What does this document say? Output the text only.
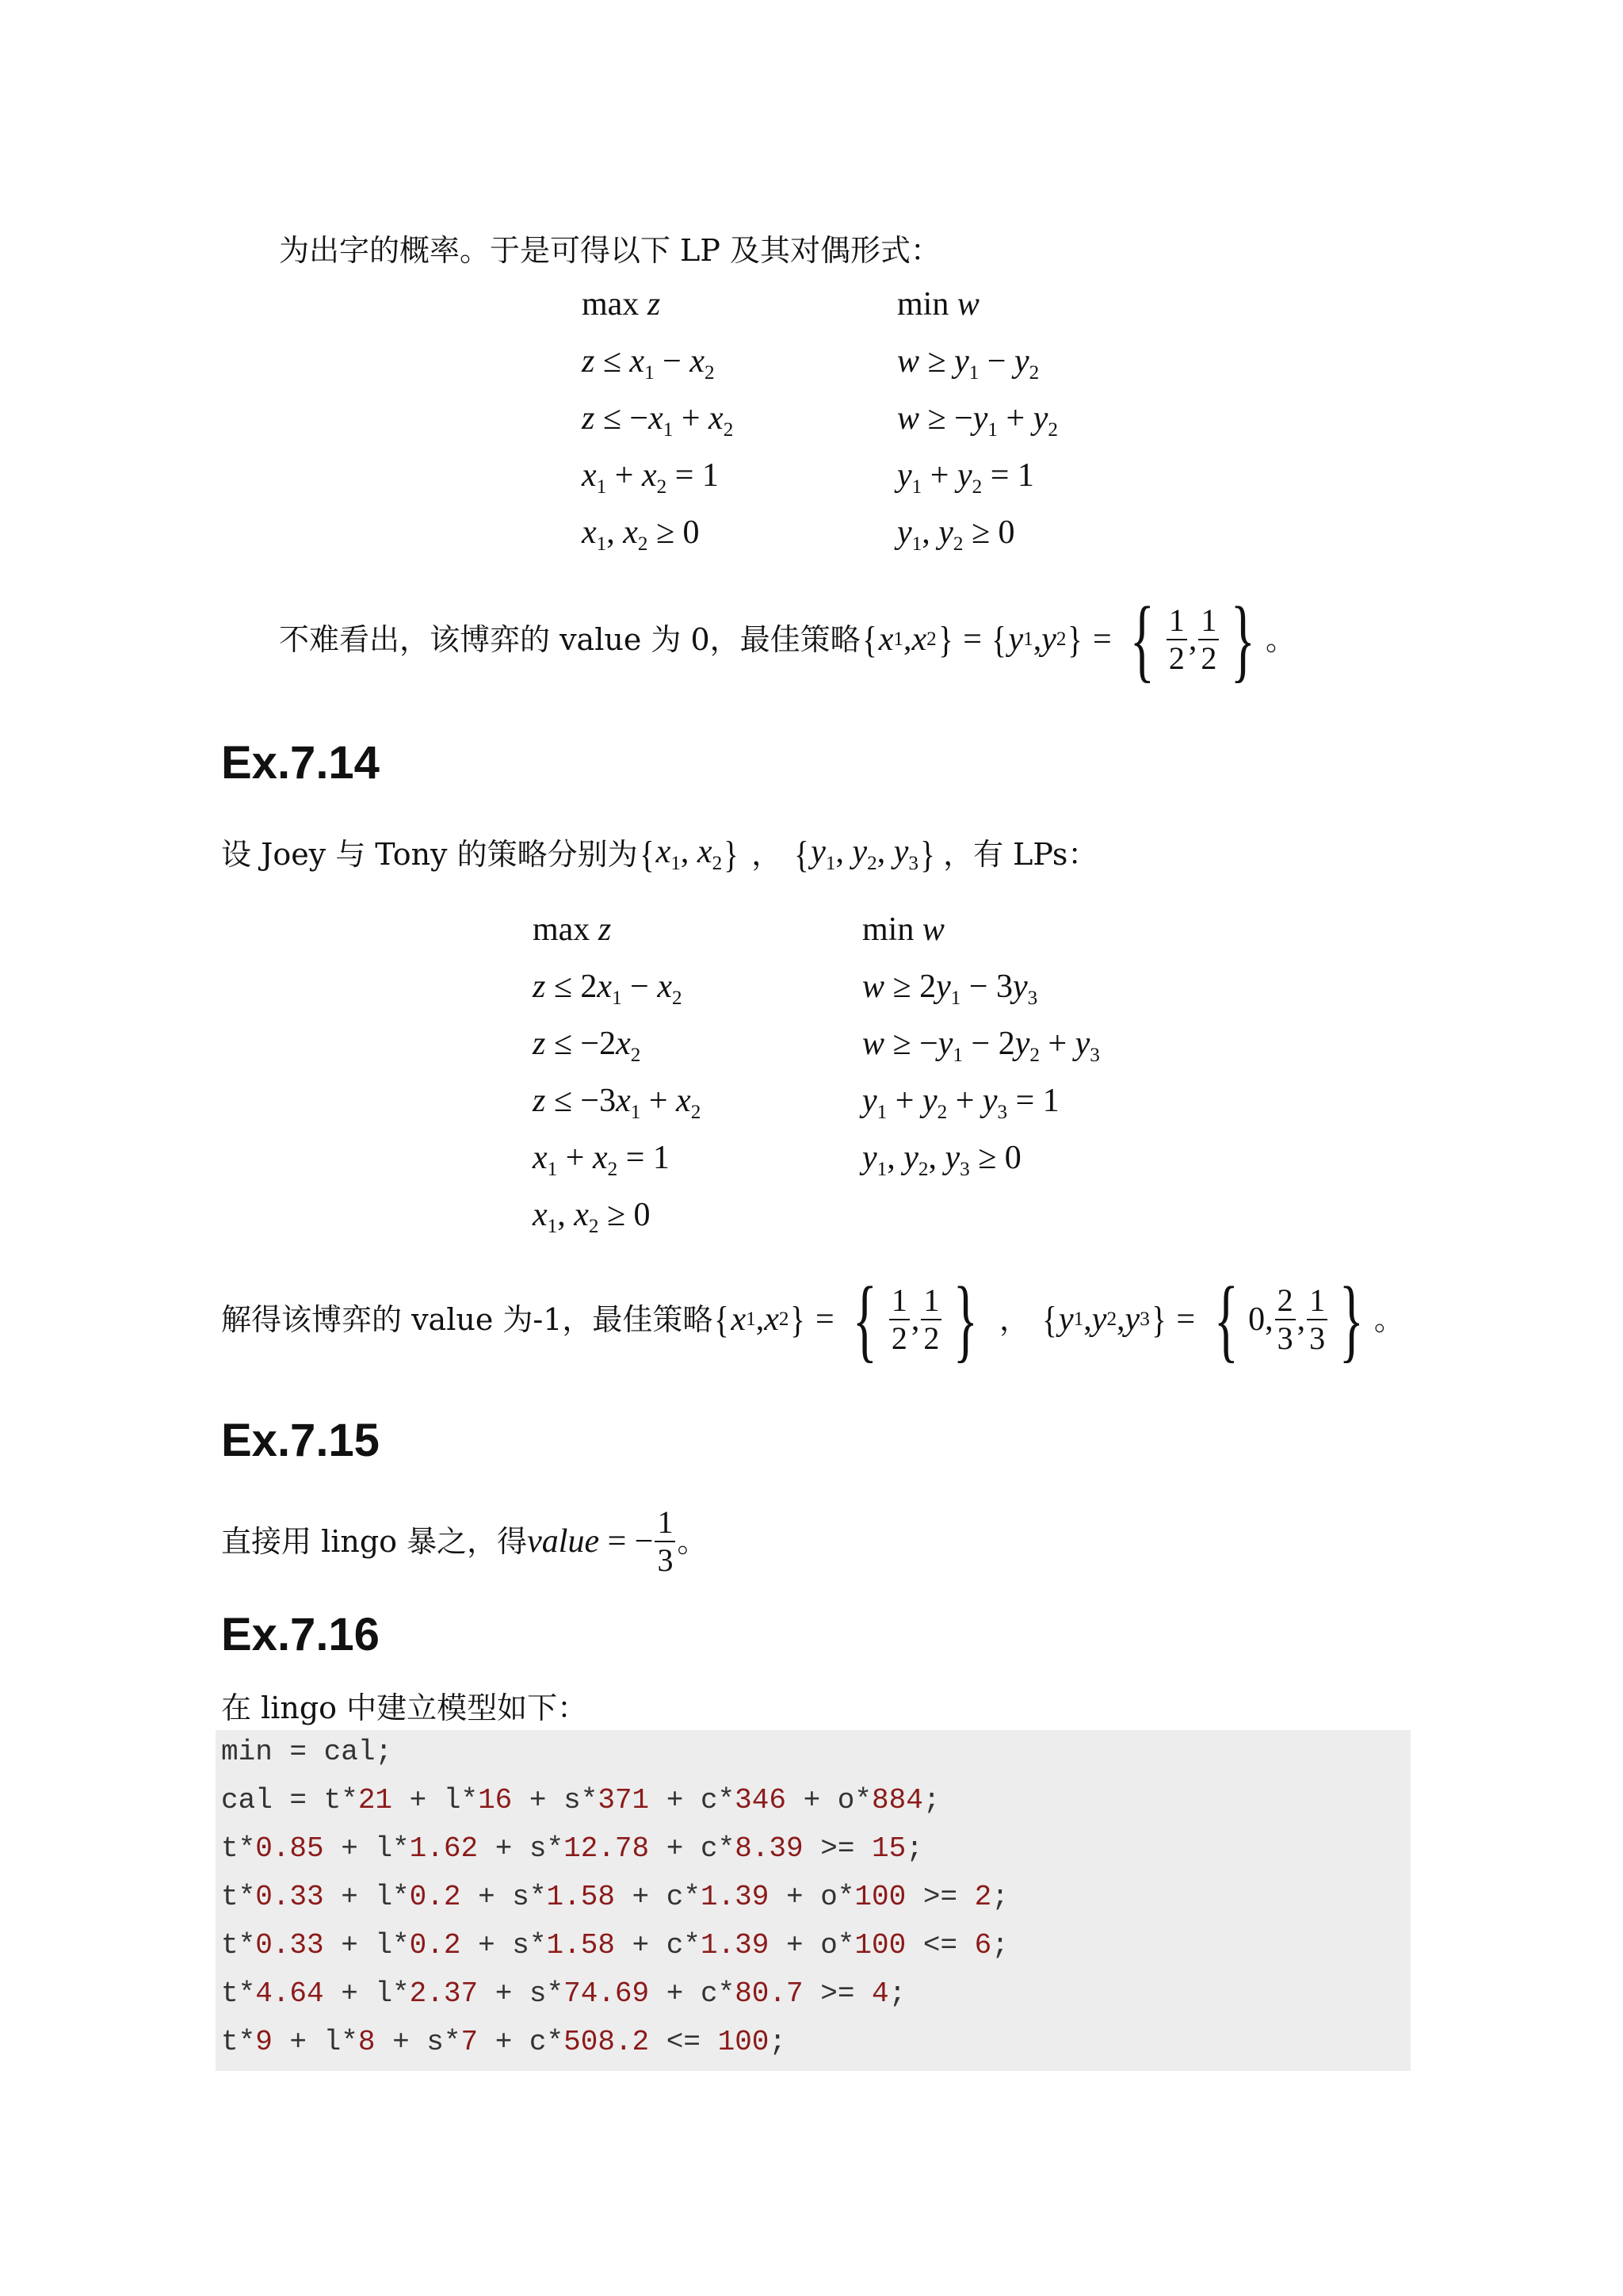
为出字的概率。于是可得以下 LP 及其对偶形式：
max z
$z \le x_1 - x_2$
$z \le -x_1 + x_2$
$x_1 + x_2 = 1$
$x_1$, $x_2 \ge 0$
min w
$w \ge y_1 - y_2$
$w \ge -y_1 + y_2$
$y_1 + y_2 = 1$
$y_1$, $y_2 \ge 0$
不难看出，该博弈的 value 为 0，最佳策略 { x 1 , x 2 } = { y 1 , y 2 } = { $\frac{1}{2}$ , $\frac{1}{2}$ } 。
Ex.7.14
设 Joey 与 Tony 的策略分别为 {$x_1$, $x_2$} ， {$y_1$, $y_2$, $y_3$} ，有 LPs：
max z
$z \le 2x_1 - x_2$
$z \le -2x_2$
$z \le -3x_1 + x_2$
$x_1 + x_2 = 1$
$x_1$, $x_2 \ge 0$
min w
$w \ge 2y_1 - 3y_3$
$w \ge -y_1 - 2y_2 + y_3$
$y_1 + y_2 + y_3 = 1$
$y_1$, $y_2$, $y_3 \ge 0$
解得该博弈的 value 为-1，最佳策略 { x 1 , x 2 } = { $\frac{1}{2}$ , $\frac{1}{2}$ } ， { y 1 , y 2 , y 3 } = { 0, $\frac{2}{3}$ , $\frac{1}{3}$ } 。
Ex.7.15
直接用 lingo 暴之，得 value = − $\frac{1}{3}$ 。
Ex.7.16
在 lingo 中建立模型如下：
min = cal;
cal = t*21 + l*16 + s*371 + c*346 + o*884;
t*0.85 + l*1.62 + s*12.78 + c*8.39 >= 15;
t*0.33 + l*0.2 + s*1.58 + c*1.39 + o*100 >= 2;
t*0.33 + l*0.2 + s*1.58 + c*1.39 + o*100 <= 6;
t*4.64 + l*2.37 + s*74.69 + c*80.7 >= 4;
t*9 + l*8 + s*7 + c*508.2 <= 100;
